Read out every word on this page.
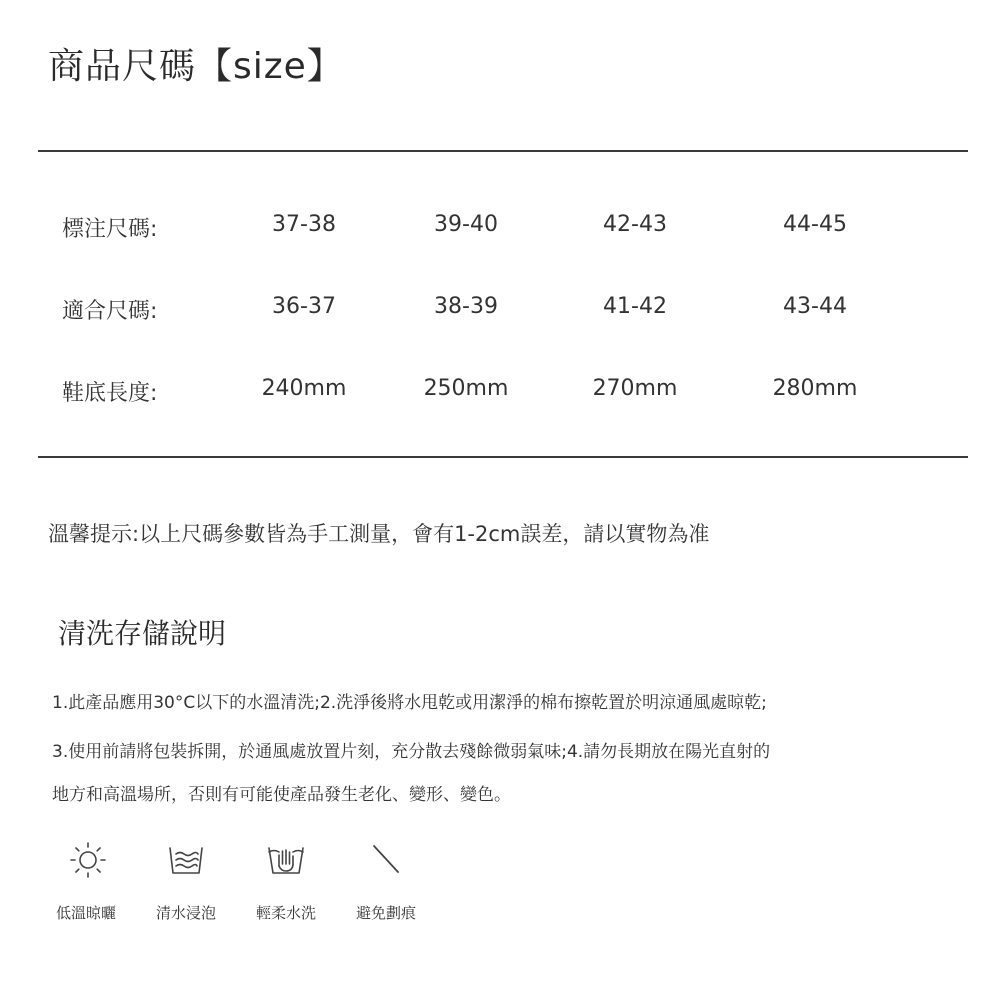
商品尺碼【size】
標注尺碼:	37-38	39-40	42-43	44-45
適合尺碼:	36-37	38-39	41-42	43-44
鞋底長度:	240mm	250mm	270mm	280mm
溫馨提示:以上尺碼參數皆為手工測量，會有1-2cm誤差，請以實物為准
清洗存儲說明
1.此產品應用30°C以下的水溫清洗;2.洗淨後將水甩乾或用潔淨的棉布擦乾置於明涼通風處晾乾;
3.使用前請將包裝拆開，於通風處放置片刻，充分散去殘餘微弱氣味;4.請勿長期放在陽光直射的
地方和高溫場所，否則有可能使產品發生老化、變形、變色。
低溫晾曬	清水浸泡	輕柔水洗	避免劃痕
